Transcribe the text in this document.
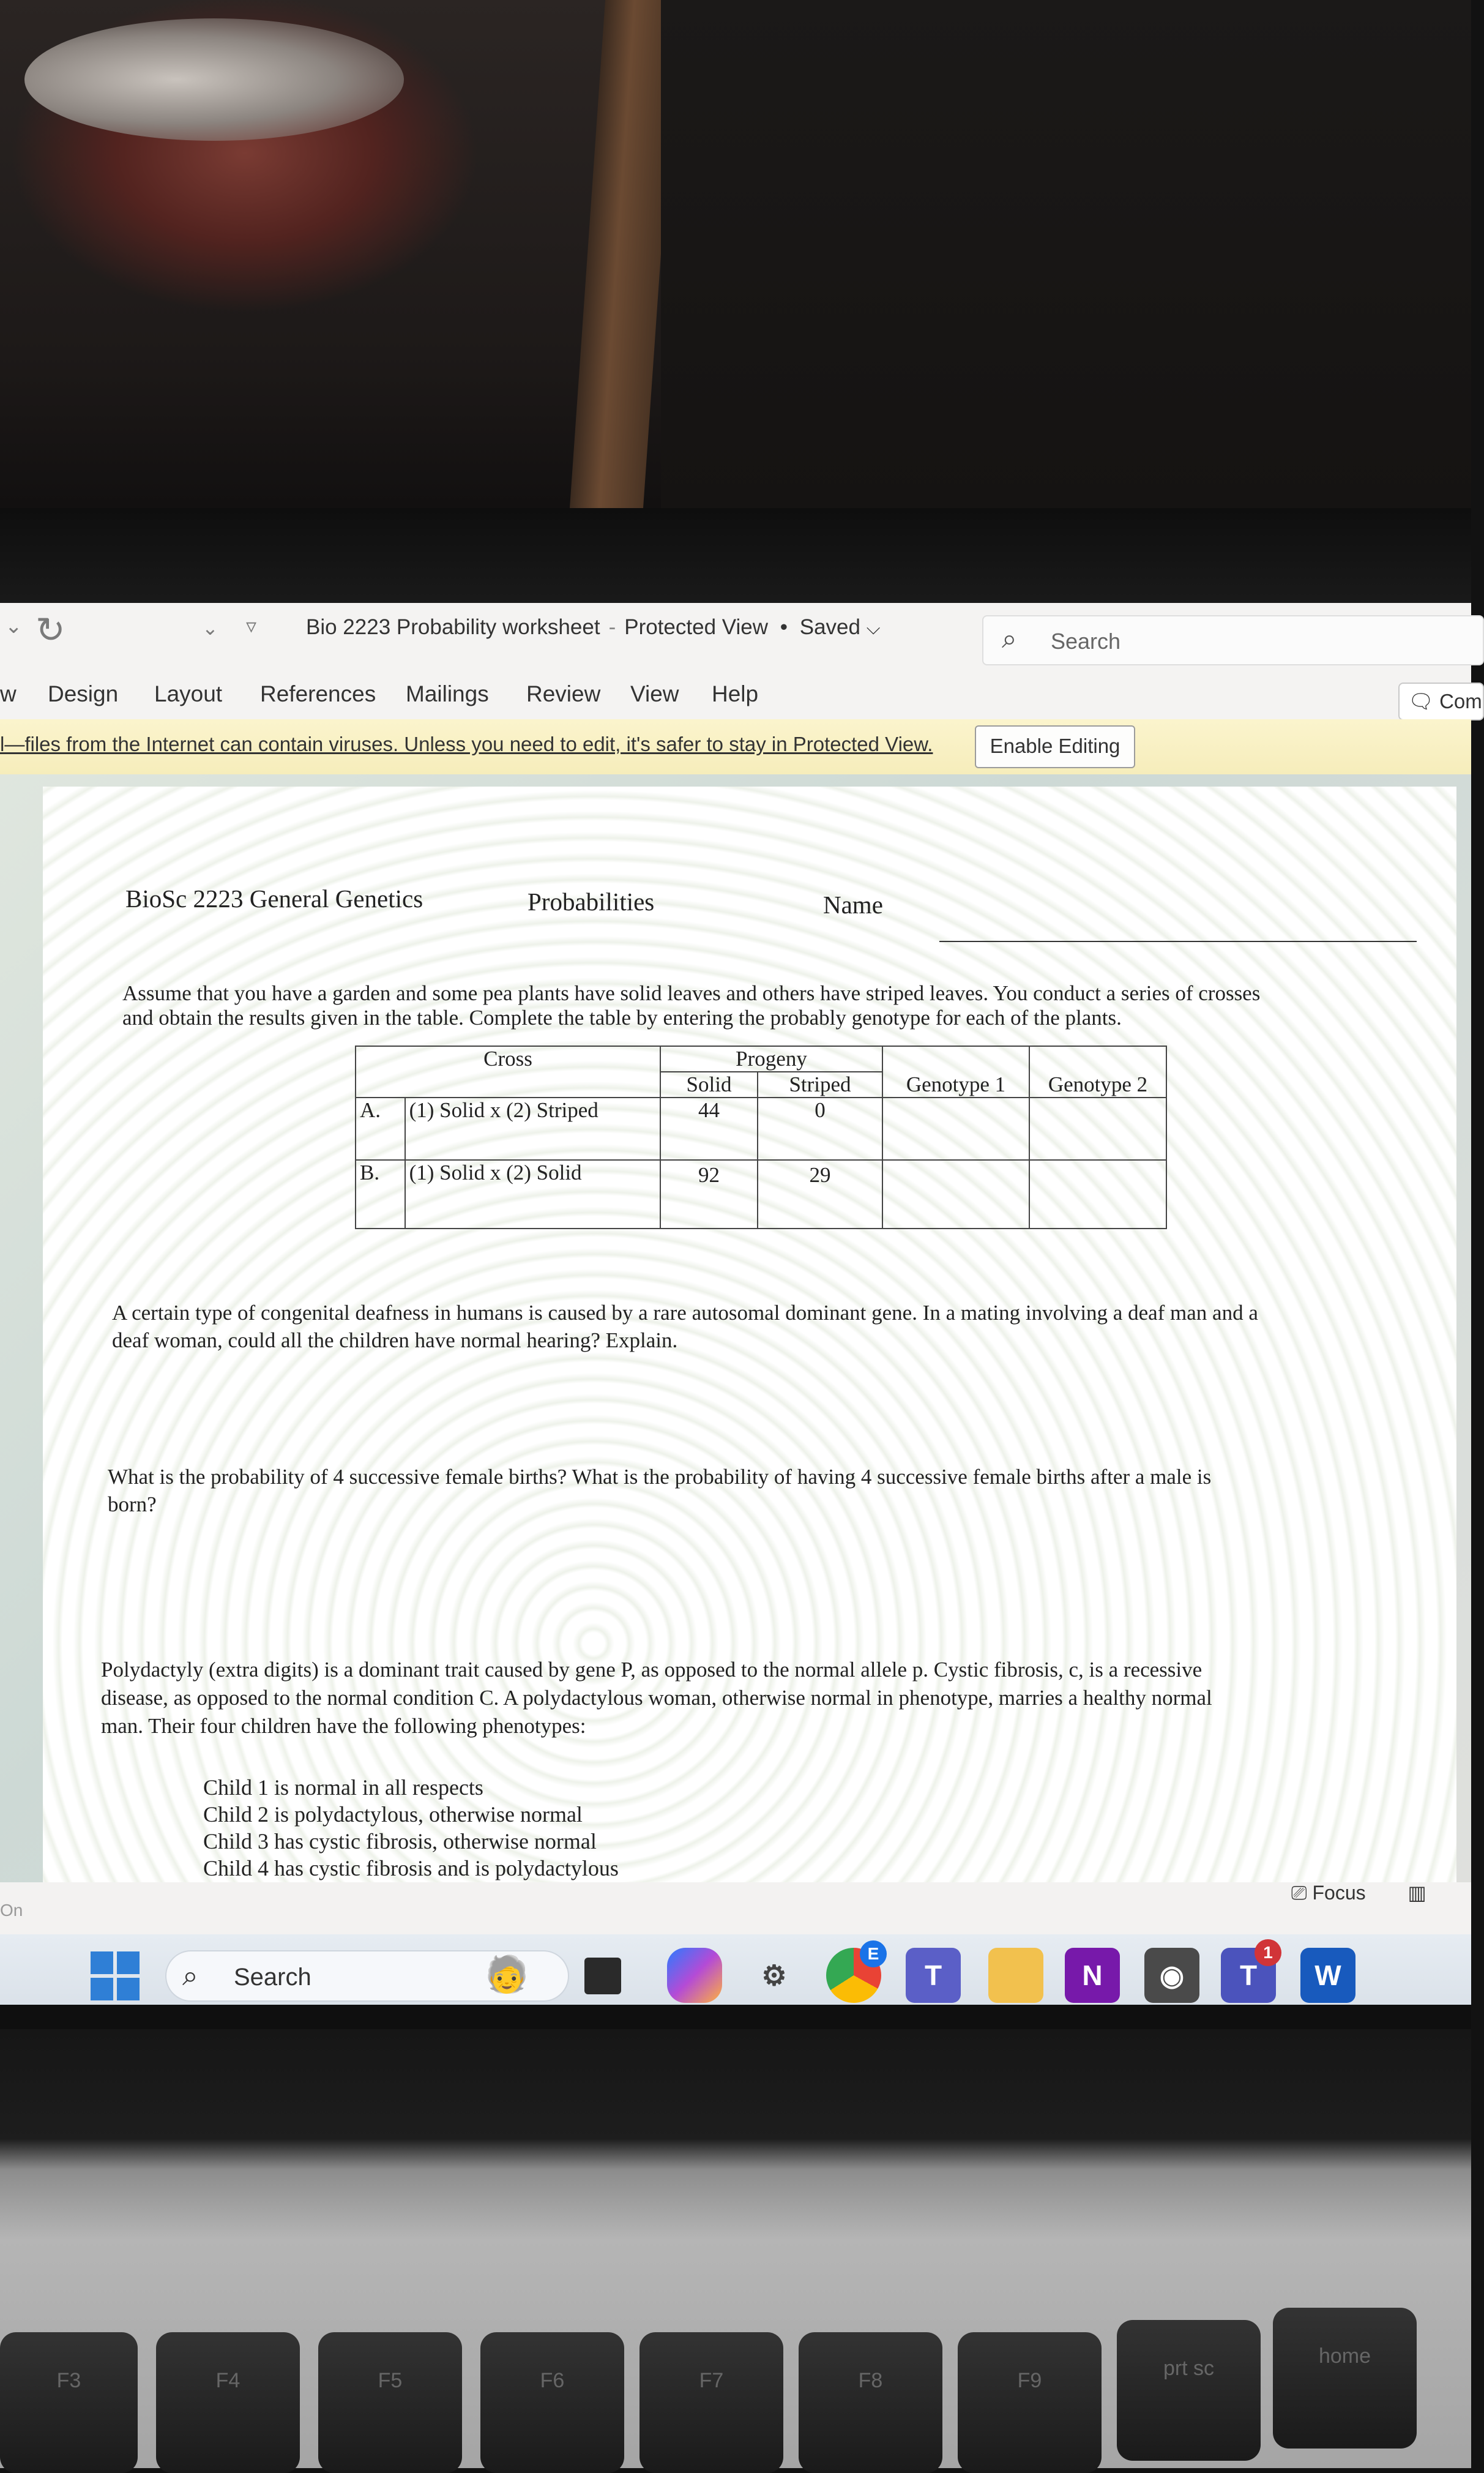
⌄ ↻	⌄ ▿ Bio 2223 Probability worksheet - Protected View • Saved ⌵	⌕ Search
w Design Layout References Mailings Review View Help	🗨 Com
l—files from the Internet can contain viruses. Unless you need to edit, it's safer to stay in Protected View.	Enable Editing
BioSc 2223 General Genetics	Probabilities	Name
Assume that you have a garden and some pea plants have solid leaves and others have striped leaves. You conduct a series of crosses
and obtain the results given in the table. Complete the table by entering the probably genotype for each of the plants.
Cross		Progeny		Genotype 1	Genotype 2
		Solid	Striped		
A.	(1) Solid x (2) Striped	44	0		
B.	(1) Solid x (2) Solid	92	29		
A certain type of congenital deafness in humans is caused by a rare autosomal dominant gene. In a mating involving a deaf man and a
deaf woman, could all the children have normal hearing? Explain.
What is the probability of 4 successive female births? What is the probability of having 4 successive female births after a male is
born?
Polydactyly (extra digits) is a dominant trait caused by gene P, as opposed to the normal allele p. Cystic fibrosis, c, is a recessive
disease, as opposed to the normal condition C. A polydactylous woman, otherwise normal in phenotype, marries a healthy normal
man. Their four children have the following phenotypes:
Child 1 is normal in all respects
Child 2 is polydactylous, otherwise normal
Child 3 has cystic fibrosis, otherwise normal
Child 4 has cystic fibrosis and is polydactylous
On
⎚ Focus ▥
⌕ Search	🧓	⚙
E
T	N	◉	T
1
W
F3	F4	F5	F6	F7	F8	F9
prt sc
home
